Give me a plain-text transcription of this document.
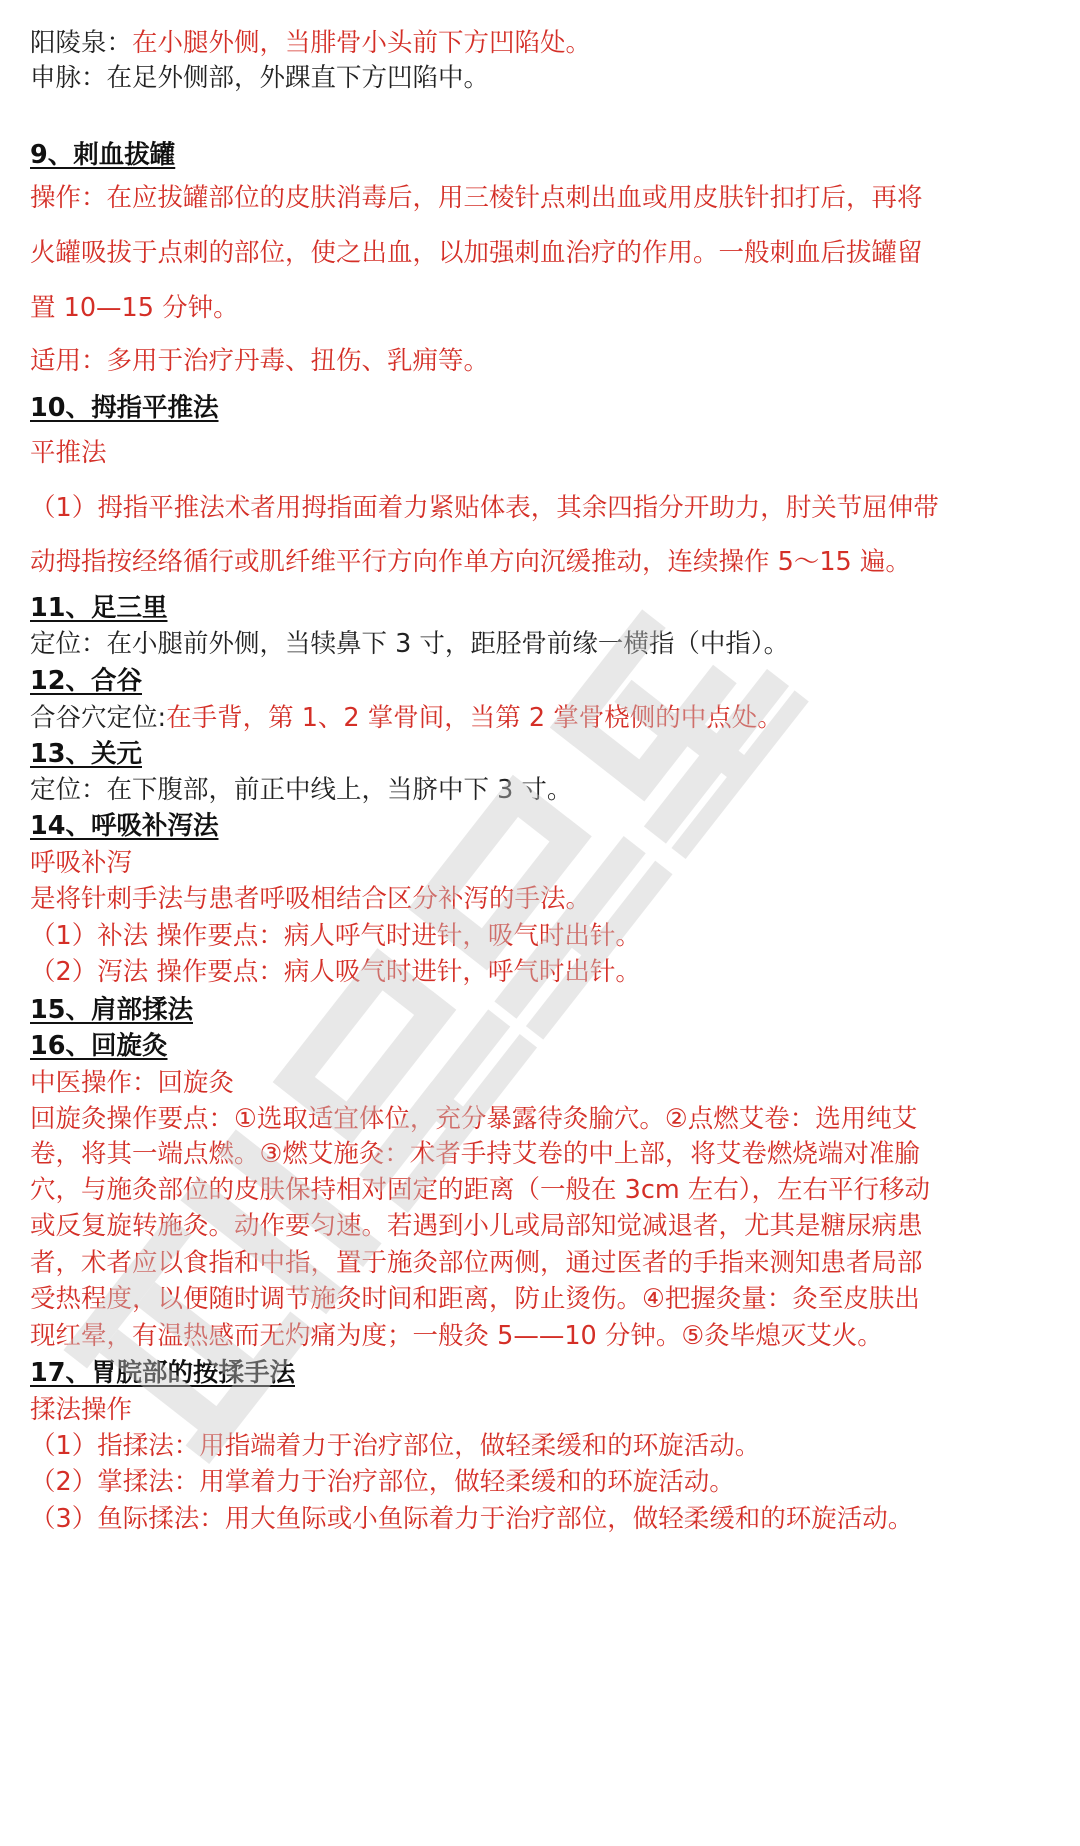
阳陵泉：在小腿外侧，当腓骨小头前下方凹陷处。
申脉：在足外侧部，外踝直下方凹陷中。
9、刺血拔罐
操作：在应拔罐部位的皮肤消毒后，用三棱针点刺出血或用皮肤针扣打后，再将
火罐吸拔于点刺的部位，使之出血，以加强刺血治疗的作用。一般刺血后拔罐留
置 10—15 分钟。
适用：多用于治疗丹毒、扭伤、乳痈等。
10、拇指平推法
平推法
（1）拇指平推法术者用拇指面着力紧贴体表，其余四指分开助力，肘关节屈伸带
动拇指按经络循行或肌纤维平行方向作单方向沉缓推动，连续操作 5～15 遍。
11、足三里
定位：在小腿前外侧，当犊鼻下 3 寸，距胫骨前缘一横指（中指）。
12、合谷
合谷穴定位:在手背，第 1、2 掌骨间，当第 2 掌骨桡侧的中点处。
13、关元
定位：在下腹部，前正中线上，当脐中下 3 寸。
14、呼吸补泻法
呼吸补泻
是将针刺手法与患者呼吸相结合区分补泻的手法。
（1）补法 操作要点：病人呼气时进针，吸气时出针。
（2）泻法 操作要点：病人吸气时进针，呼气时出针。
15、肩部揉法
16、回旋灸
中医操作：回旋灸
回旋灸操作要点：①选取适宜体位，充分暴露待灸腧穴。②点燃艾卷：选用纯艾
卷，将其一端点燃。③燃艾施灸：术者手持艾卷的中上部，将艾卷燃烧端对准腧
穴，与施灸部位的皮肤保持相对固定的距离（一般在 3cm 左右），左右平行移动
或反复旋转施灸。动作要匀速。若遇到小儿或局部知觉减退者，尤其是糖尿病患
者，术者应以食指和中指，置于施灸部位两侧，通过医者的手指来测知患者局部
受热程度，以便随时调节施灸时间和距离，防止烫伤。④把握灸量：灸至皮肤出
现红晕，有温热感而无灼痛为度；一般灸 5——10 分钟。⑤灸毕熄灭艾火。
17、胃脘部的按揉手法
揉法操作
（1）指揉法：用指端着力于治疗部位，做轻柔缓和的环旋活动。
（2）掌揉法：用掌着力于治疗部位，做轻柔缓和的环旋活动。
（3）鱼际揉法：用大鱼际或小鱼际着力于治疗部位，做轻柔缓和的环旋活动。
